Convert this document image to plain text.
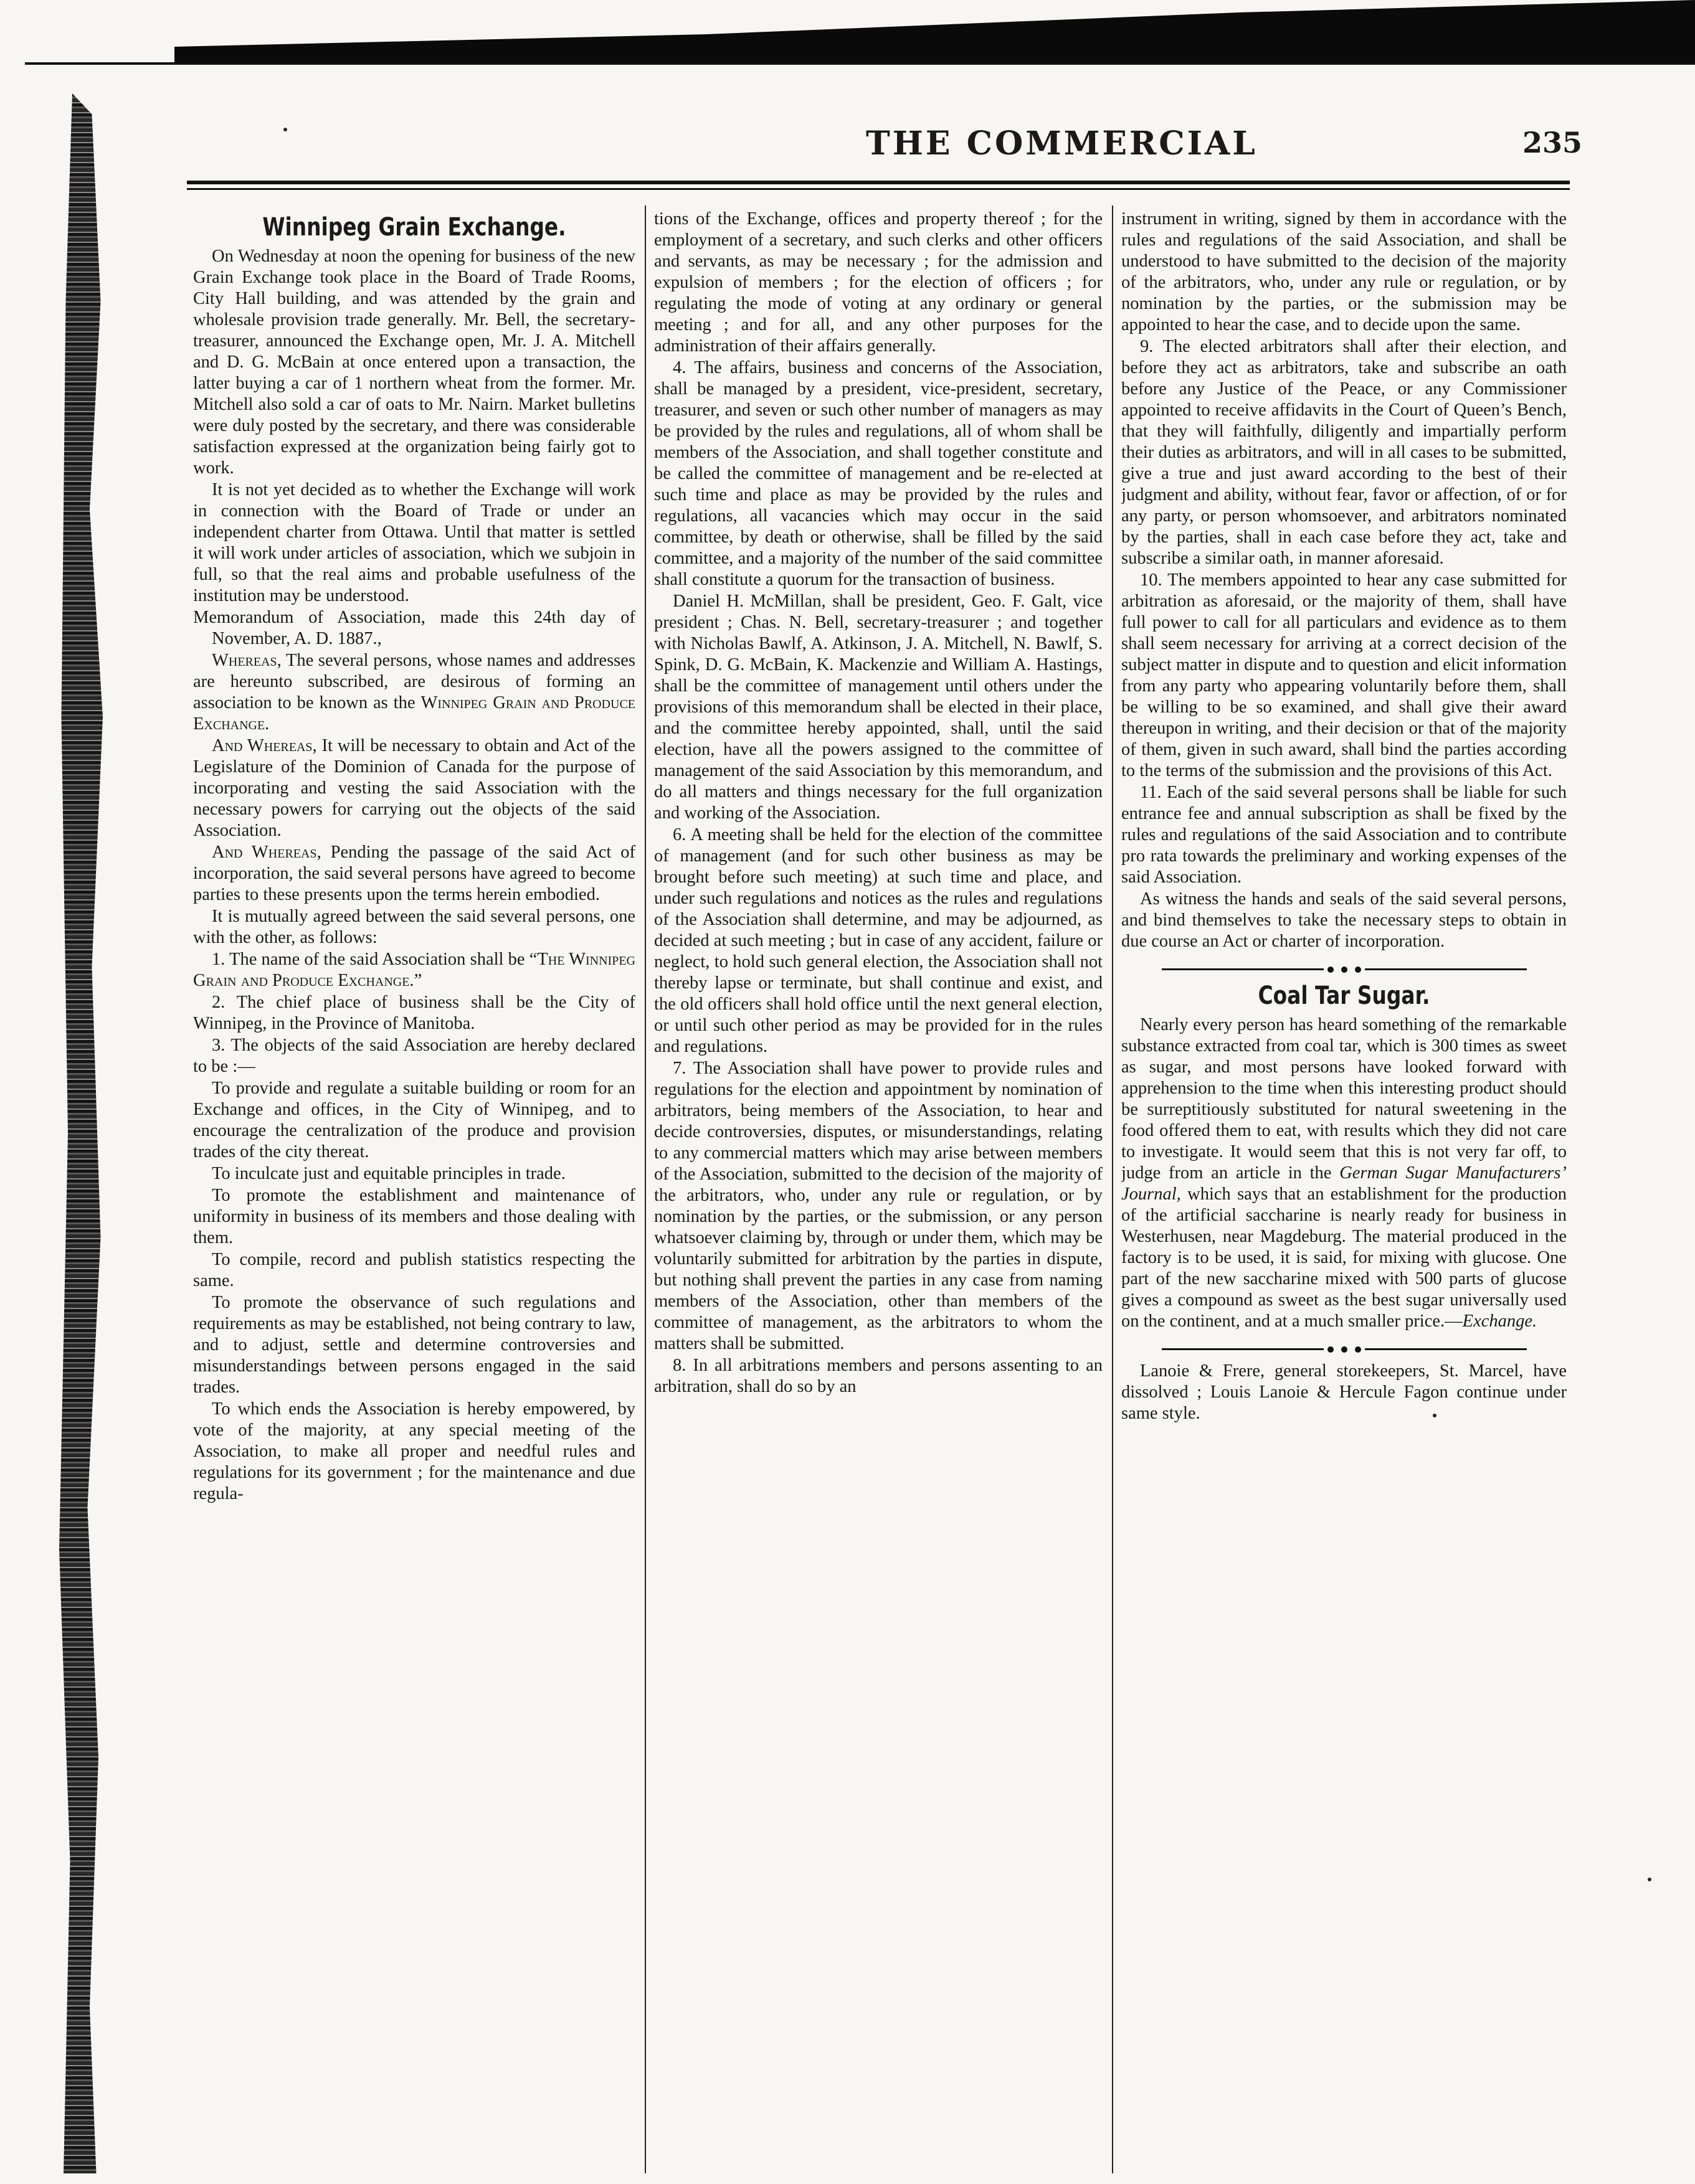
THE COMMERCIAL	235
Winnipeg Grain Exchange.

On Wednesday at noon the opening for business of the new Grain Exchange took place in the Board of Trade Rooms, City Hall building, and was attended by the grain and wholesale provision trade generally. Mr. Bell, the secretary-treasurer, announced the Exchange open, Mr. J. A. Mitchell and D. G. McBain at once entered upon a transaction, the latter buying a car of 1 northern wheat from the former. Mr. Mitchell also sold a car of oats to Mr. Nairn. Market bulletins were duly posted by the secretary, and there was considerable satisfaction expressed at the organization being fairly got to work.

It is not yet decided as to whether the Exchange will work in connection with the Board of Trade or under an independent charter from Ottawa. Until that matter is settled it will work under articles of association, which we subjoin in full, so that the real aims and probable usefulness of the institution may be understood.

Memorandum of Association, made this 24th day of November, A. D. 1887.,

Whereas, The several persons, whose names and addresses are hereunto subscribed, are desirous of forming an association to be known as the Winnipeg Grain and Produce Exchange.

And Whereas, It will be necessary to obtain and Act of the Legislature of the Dominion of Canada for the purpose of incorporating and vesting the said Association with the necessary powers for carrying out the objects of the said Association.

And Whereas, Pending the passage of the said Act of incorporation, the said several persons have agreed to become parties to these presents upon the terms herein embodied.

It is mutually agreed between the said several persons, one with the other, as follows:

1. The name of the said Association shall be “The Winnipeg Grain and Produce Exchange.”

2. The chief place of business shall be the City of Winnipeg, in the Province of Manitoba.

3. The objects of the said Association are hereby declared to be :—

To provide and regulate a suitable building or room for an Exchange and offices, in the City of Winnipeg, and to encourage the centralization of the produce and provision trades of the city thereat.

To inculcate just and equitable principles in trade.

To promote the establishment and maintenance of uniformity in business of its members and those dealing with them.

To compile, record and publish statistics respecting the same.

To promote the observance of such regulations and requirements as may be established, not being contrary to law, and to adjust, settle and determine controversies and misunderstandings between persons engaged in the said trades.

To which ends the Association is hereby empowered, by vote of the majority, at any special meeting of the Association, to make all proper and needful rules and regulations for its government ; for the maintenance and due regula-

tions of the Exchange, offices and property thereof ; for the employment of a secretary, and such clerks and other officers and servants, as may be necessary ; for the admission and expulsion of members ; for the election of officers ; for regulating the mode of voting at any ordinary or general meeting ; and for all, and any other purposes for the administration of their affairs generally.

4. The affairs, business and concerns of the Association, shall be managed by a president, vice-president, secretary, treasurer, and seven or such other number of managers as may be provided by the rules and regulations, all of whom shall be members of the Association, and shall together constitute and be called the committee of management and be re-elected at such time and place as may be provided by the rules and regulations, all vacancies which may occur in the said committee, by death or otherwise, shall be filled by the said committee, and a majority of the number of the said committee shall constitute a quorum for the transaction of business.

Daniel H. McMillan, shall be president, Geo. F. Galt, vice president ; Chas. N. Bell, secretary-treasurer ; and together with Nicholas Bawlf, A. Atkinson, J. A. Mitchell, N. Bawlf, S. Spink, D. G. McBain, K. Mackenzie and William A. Hastings, shall be the committee of management until others under the provisions of this memorandum shall be elected in their place, and the committee hereby appointed, shall, until the said election, have all the powers assigned to the committee of management of the said Association by this memorandum, and do all matters and things necessary for the full organization and working of the Association.

6. A meeting shall be held for the election of the committee of management (and for such other business as may be brought before such meeting) at such time and place, and under such regulations and notices as the rules and regulations of the Association shall determine, and may be adjourned, as decided at such meeting ; but in case of any accident, failure or neglect, to hold such general election, the Association shall not thereby lapse or terminate, but shall continue and exist, and the old officers shall hold office until the next general election, or until such other period as may be provided for in the rules and regulations.

7. The Association shall have power to provide rules and regulations for the election and appointment by nomination of arbitrators, being members of the Association, to hear and decide controversies, disputes, or misunderstandings, relating to any commercial matters which may arise between members of the Association, submitted to the decision of the majority of the arbitrators, who, under any rule or regulation, or by nomination by the parties, or the submission, or any person whatsoever claiming by, through or under them, which may be voluntarily submitted for arbitration by the parties in dispute, but nothing shall prevent the parties in any case from naming members of the Association, other than members of the committee of management, as the arbitrators to whom the matters shall be submitted.

8. In all arbitrations members and persons assenting to an arbitration, shall do so by an

instrument in writing, signed by them in accordance with the rules and regulations of the said Association, and shall be understood to have submitted to the decision of the majority of the arbitrators, who, under any rule or regulation, or by nomination by the parties, or the submission may be appointed to hear the case, and to decide upon the same.

9. The elected arbitrators shall after their election, and before they act as arbitrators, take and subscribe an oath before any Justice of the Peace, or any Commissioner appointed to receive affidavits in the Court of Queen’s Bench, that they will faithfully, diligently and impartially perform their duties as arbitrators, and will in all cases to be submitted, give a true and just award according to the best of their judgment and ability, without fear, favor or affection, of or for any party, or person whomsoever, and arbitrators nominated by the parties, shall in each case before they act, take and subscribe a similar oath, in manner aforesaid.

10. The members appointed to hear any case submitted for arbitration as aforesaid, or the majority of them, shall have full power to call for all particulars and evidence as to them shall seem necessary for arriving at a correct decision of the subject matter in dispute and to question and elicit information from any party who appearing voluntarily before them, shall be willing to be so examined, and shall give their award thereupon in writing, and their decision or that of the majority of them, given in such award, shall bind the parties according to the terms of the submission and the provisions of this Act.

11. Each of the said several persons shall be liable for such entrance fee and annual subscription as shall be fixed by the rules and regulations of the said Association and to contribute pro rata towards the preliminary and working expenses of the said Association.

As witness the hands and seals of the said several persons, and bind themselves to take the necessary steps to obtain in due course an Act or charter of incorporation.

Coal Tar Sugar.

Nearly every person has heard something of the remarkable substance extracted from coal tar, which is 300 times as sweet as sugar, and most persons have looked forward with apprehension to the time when this interesting product should be surreptitiously substituted for natural sweetening in the food offered them to eat, with results which they did not care to investigate. It would seem that this is not very far off, to judge from an article in the German Sugar Manufacturers’ Journal, which says that an establishment for the production of the artificial saccharine is nearly ready for business in Westerhusen, near Magdeburg. The material produced in the factory is to be used, it is said, for mixing with glucose. One part of the new saccharine mixed with 500 parts of glucose gives a compound as sweet as the best sugar universally used on the continent, and at a much smaller price.—Exchange.

Lanoie & Frere, general storekeepers, St. Marcel, have dissolved ; Louis Lanoie & Hercule Fagon continue under same style.
